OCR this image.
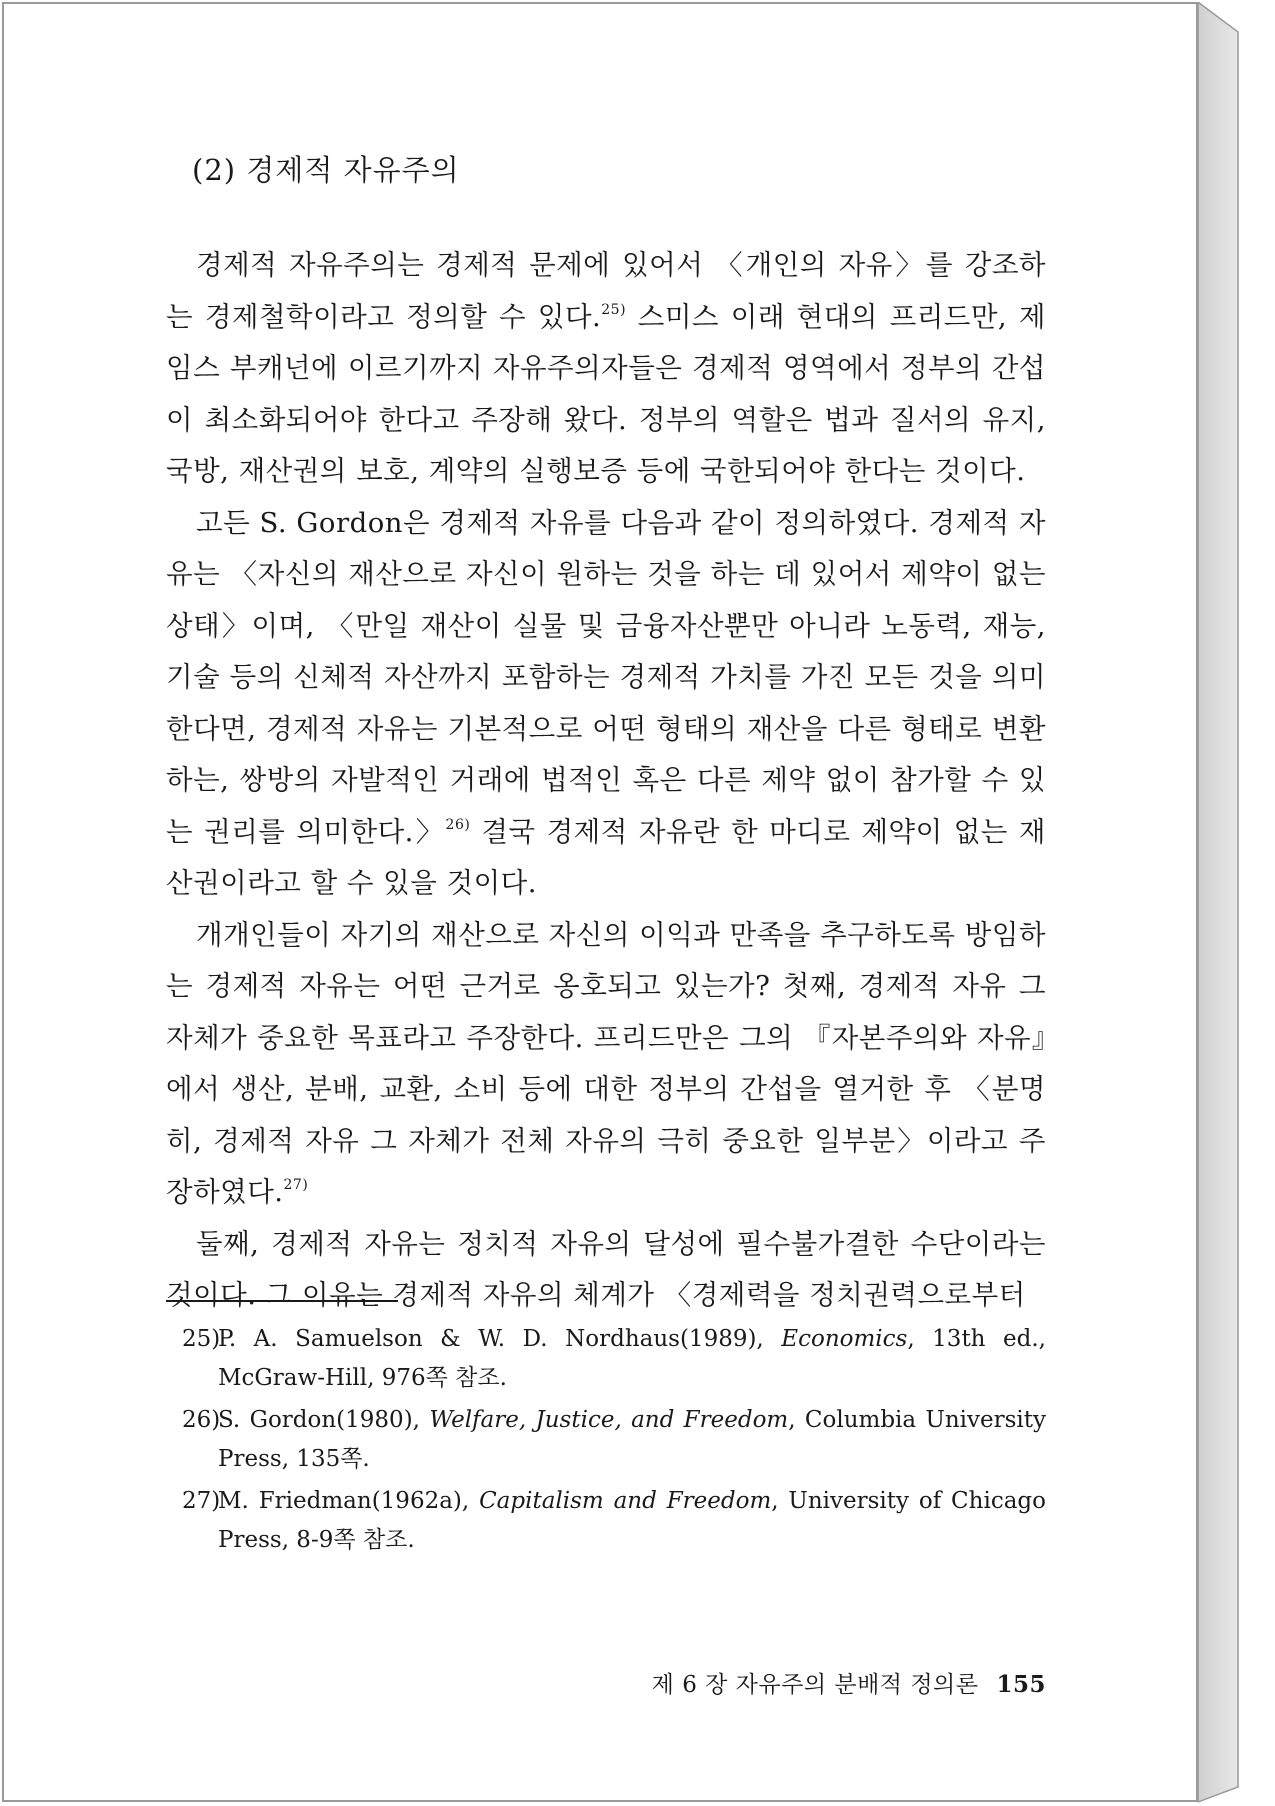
(2) 경제적 자유주의

경제적 자유주의는 경제적 문제에 있어서 〈개인의 자유〉를 강조하는 경제철학이라고 정의할 수 있다.$^{25)}$ 스미스 이래 현대의 프리드만, 제임스 부캐넌에 이르기까지 자유주의자들은 경제적 영역에서 정부의 간섭이 최소화되어야 한다고 주장해 왔다. 정부의 역할은 법과 질서의 유지, 국방, 재산권의 보호, 계약의 실행보증 등에 국한되어야 한다는 것이다.

고든 S. Gordon은 경제적 자유를 다음과 같이 정의하였다. 경제적 자유는 〈자신의 재산으로 자신이 원하는 것을 하는 데 있어서 제약이 없는 상태〉이며, 〈만일 재산이 실물 및 금융자산뿐만 아니라 노동력, 재능, 기술 등의 신체적 자산까지 포함하는 경제적 가치를 가진 모든 것을 의미한다면, 경제적 자유는 기본적으로 어떤 형태의 재산을 다른 형태로 변환하는, 쌍방의 자발적인 거래에 법적인 혹은 다른 제약 없이 참가할 수 있는 권리를 의미한다.〉$^{26)}$ 결국 경제적 자유란 한 마디로 제약이 없는 재산권이라고 할 수 있을 것이다.

개개인들이 자기의 재산으로 자신의 이익과 만족을 추구하도록 방임하는 경제적 자유는 어떤 근거로 옹호되고 있는가? 첫째, 경제적 자유 그 자체가 중요한 목표라고 주장한다. 프리드만은 그의 『자본주의와 자유』에서 생산, 분배, 교환, 소비 등에 대한 정부의 간섭을 열거한 후 〈분명히, 경제적 자유 그 자체가 전체 자유의 극히 중요한 일부분〉이라고 주장하였다.$^{27)}$

둘째, 경제적 자유는 정치적 자유의 달성에 필수불가결한 수단이라는 것이다. 그 이유는 경제적 자유의 체계가 〈경제력을 정치권력으로부터

25)
P. A. Samuelson & W. D. Nordhaus(1989), Economics, 13th ed., McGraw-Hill, 976쪽 참조.
26)
S. Gordon(1980), Welfare, Justice, and Freedom, Columbia University Press, 135쪽.
27)
M. Friedman(1962a), Capitalism and Freedom, University of Chicago Press, 8-9쪽 참조.
제 6 장 자유주의 분배적 정의론 155
